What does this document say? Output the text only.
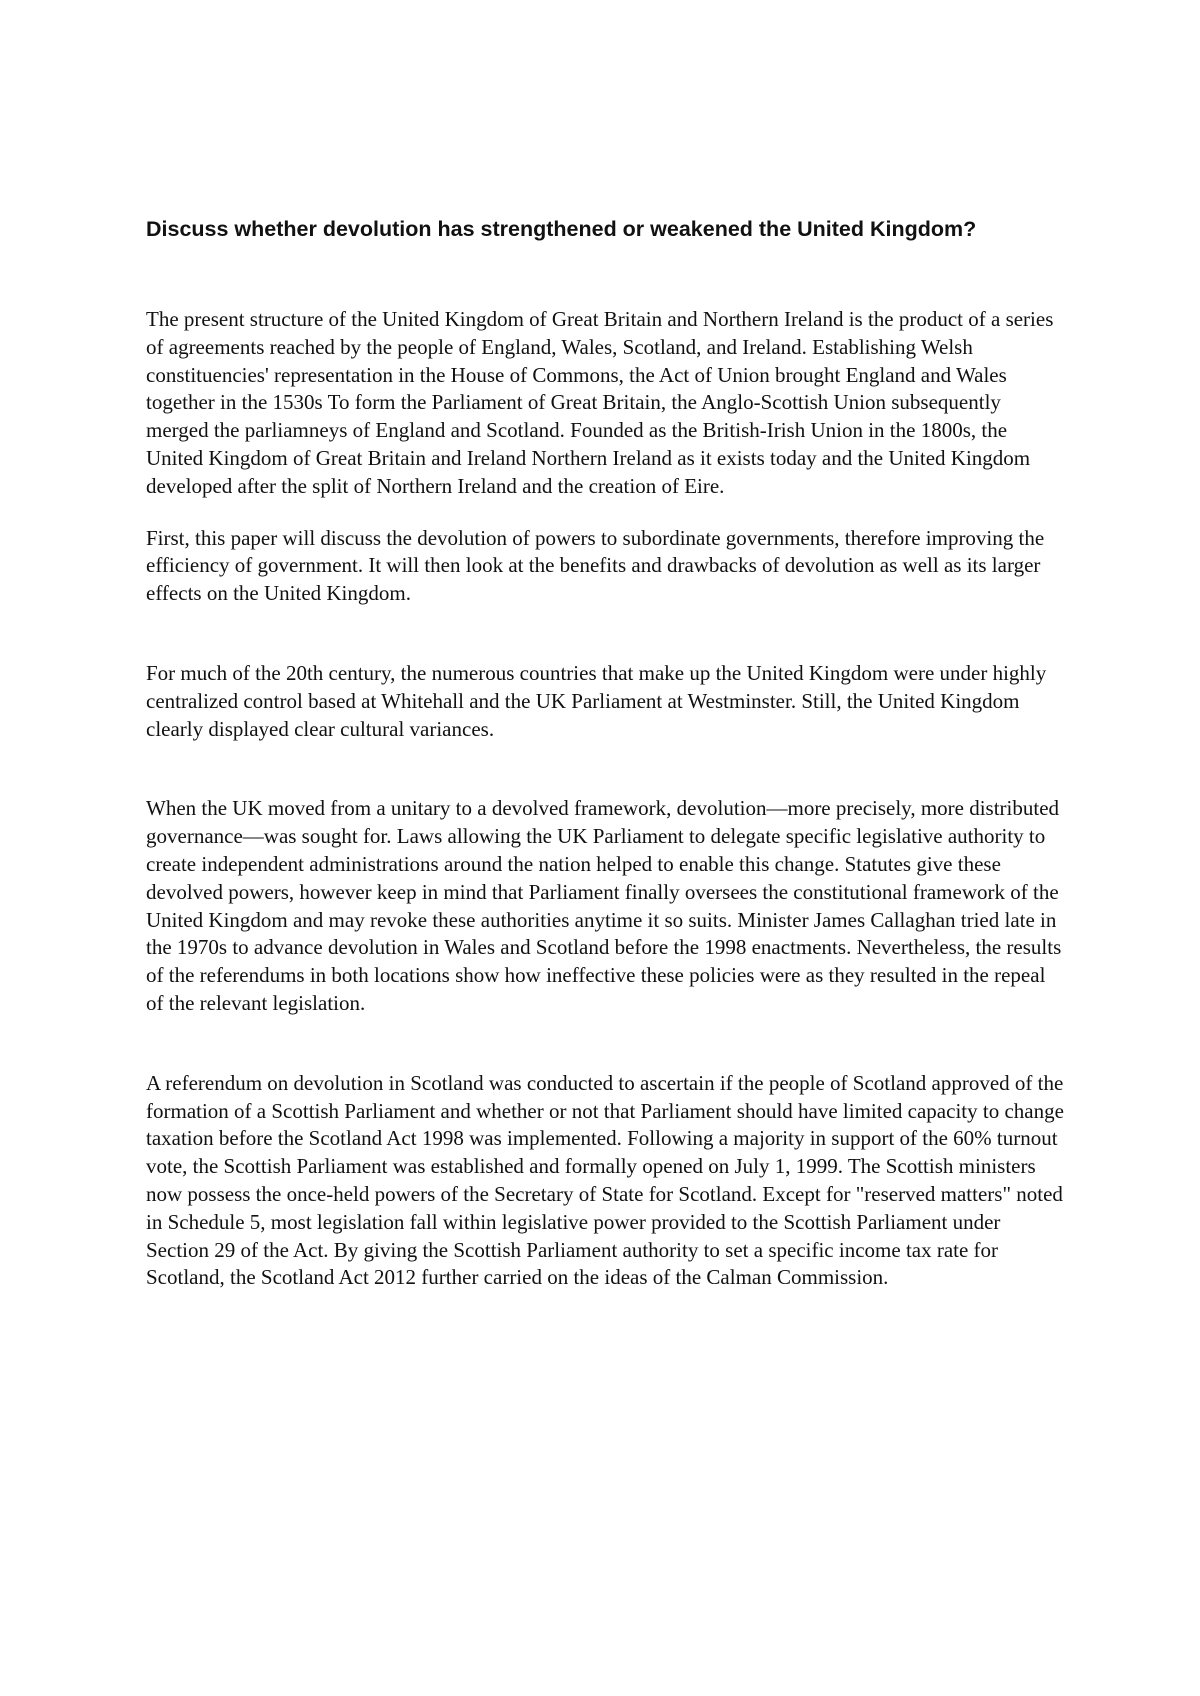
Discuss whether devolution has strengthened or weakened the United Kingdom?

The present structure of the United Kingdom of Great Britain and Northern Ireland is the product of a series of agreements reached by the people of England, Wales, Scotland, and Ireland. Establishing Welsh constituencies' representation in the House of Commons, the Act of Union brought England and Wales together in the 1530s To form the Parliament of Great Britain, the Anglo-Scottish Union subsequently merged the parliamneys of England and Scotland. Founded as the British-Irish Union in the 1800s, the United Kingdom of Great Britain and Ireland Northern Ireland as it exists today and the United Kingdom developed after the split of Northern Ireland and the creation of Eire.

First, this paper will discuss the devolution of powers to subordinate governments, therefore improving the efficiency of government. It will then look at the benefits and drawbacks of devolution as well as its larger effects on the United Kingdom.

For much of the 20th century, the numerous countries that make up the United Kingdom were under highly centralized control based at Whitehall and the UK Parliament at Westminster. Still, the United Kingdom clearly displayed clear cultural variances.

When the UK moved from a unitary to a devolved framework, devolution—more precisely, more distributed governance—was sought for. Laws allowing the UK Parliament to delegate specific legislative authority to create independent administrations around the nation helped to enable this change. Statutes give these devolved powers, however keep in mind that Parliament finally oversees the constitutional framework of the United Kingdom and may revoke these authorities anytime it so suits. Minister James Callaghan tried late in the 1970s to advance devolution in Wales and Scotland before the 1998 enactments. Nevertheless, the results of the referendums in both locations show how ineffective these policies were as they resulted in the repeal of the relevant legislation.

A referendum on devolution in Scotland was conducted to ascertain if the people of Scotland approved of the formation of a Scottish Parliament and whether or not that Parliament should have limited capacity to change taxation before the Scotland Act 1998 was implemented. Following a majority in support of the 60% turnout vote, the Scottish Parliament was established and formally opened on July 1, 1999. The Scottish ministers now possess the once-held powers of the Secretary of State for Scotland. Except for "reserved matters" noted in Schedule 5, most legislation fall within legislative power provided to the Scottish Parliament under Section 29 of the Act. By giving the Scottish Parliament authority to set a specific income tax rate for Scotland, the Scotland Act 2012 further carried on the ideas of the Calman Commission.
